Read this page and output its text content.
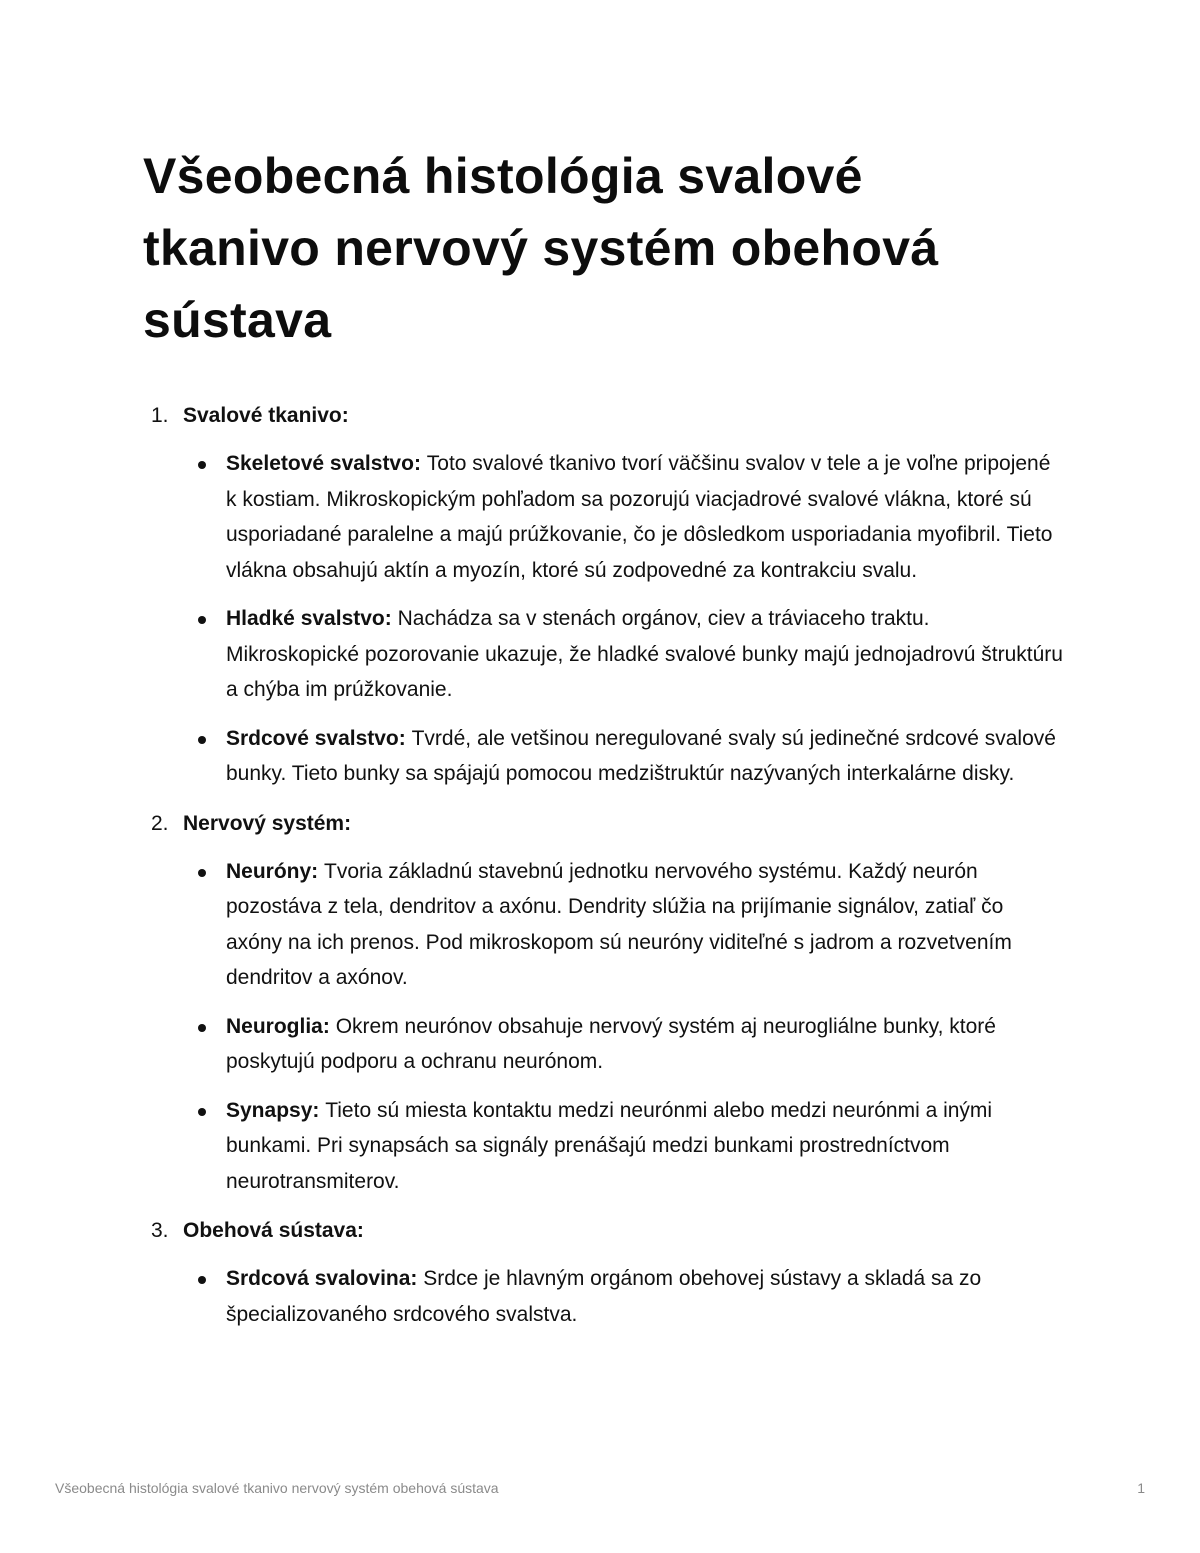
Všeobecná histológia svalové tkanivo nervový systém obehová sústava
1. Svalové tkanivo:
Skeletové svalstvo: Toto svalové tkanivo tvorí väčšinu svalov v tele a je voľne pripojené k kostiam. Mikroskopickým pohľadom sa pozorujú viacjadrové svalové vlákna, ktoré sú usporiadané paralelne a majú prúžkovanie, čo je dôsledkom usporiadania myofibril. Tieto vlákna obsahujú aktín a myozín, ktoré sú zodpovedné za kontrakciu svalu.
Hladké svalstvo: Nachádza sa v stenách orgánov, ciev a tráviaceho traktu. Mikroskopické pozorovanie ukazuje, že hladké svalové bunky majú jednojadrovú štruktúru a chýba im prúžkovanie.
Srdcové svalstvo: Tvrdé, ale vetšinou neregulované svaly sú jedinečné srdcové svalové bunky. Tieto bunky sa spájajú pomocou medzištruktúr nazývaných interkalárne disky.
2. Nervový systém:
Neuróny: Tvoria základnú stavebnú jednotku nervového systému. Každý neurón pozostáva z tela, dendritov a axónu. Dendrity slúžia na prijímanie signálov, zatiaľ čo axóny na ich prenos. Pod mikroskopom sú neuróny viditeľné s jadrom a rozvetvením dendritov a axónov.
Neuroglia: Okrem neurónov obsahuje nervový systém aj neurogliálne bunky, ktoré poskytujú podporu a ochranu neurónom.
Synapsy: Tieto sú miesta kontaktu medzi neurónmi alebo medzi neurónmi a inými bunkami. Pri synapsách sa signály prenášajú medzi bunkami prostredníctvom neurotransmiterov.
3. Obehová sústava:
Srdcová svalovina: Srdce je hlavným orgánom obehovej sústavy a skladá sa zo špecializovaného srdcového svalstva.
Všeobecná histológia svalové tkanivo nervový systém obehová sústava	1
